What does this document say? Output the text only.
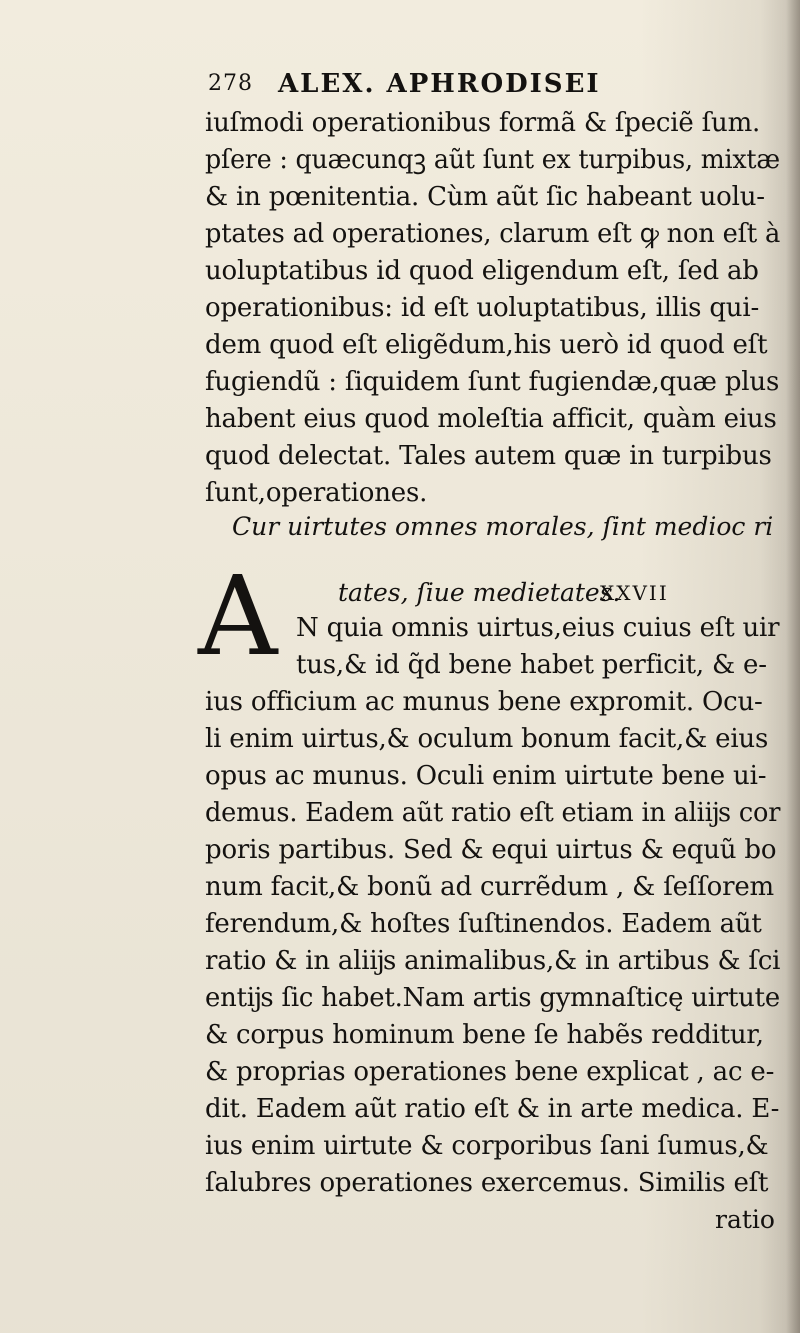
278 ALEX. APHRODISEI
iuſmodi operationibus formã & ſpeciẽ ſum.
pſere : quæcunqꝫ aũt ſunt ex turpibus, mixtæ
& in pœnitentia. Cùm aũt ſic habeant uolu-
ptates ad operationes, clarum eſt ꝙ non eſt à
uoluptatibus id quod eligendum eſt, ſed ab
operationibus: id eſt uoluptatibus, illis qui-
dem quod eſt eligẽdum,his uerò id quod eſt
fugiendũ : ſiquidem ſunt fugiendæ,quæ plus
habent eius quod moleſtia afficit, quàm eius
quod delectat. Tales autem quæ in turpibus
ſunt,operationes.
Cur uirtutes omnes morales, ſint medioc ri
tates, ſiue medietates.
XXVII
A N quia omnis uirtus,eius cuius eſt uir
tus,& id q̃d bene habet perficit, & e-
ius officium ac munus bene expromit. Ocu-
li enim uirtus,& oculum bonum facit,& eius
opus ac munus. Oculi enim uirtute bene ui-
demus. Eadem aũt ratio eſt etiam in aliĳs cor
poris partibus. Sed & equi uirtus & equũ bo
num facit,& bonũ ad currẽdum , & ſeſſorem
ferendum,& hoſtes ſuſtinendos. Eadem aũt
ratio & in aliĳs animalibus,& in artibus & ſci
entĳs ſic habet.Nam artis gymnaſticę uirtute
& corpus hominum bene ſe habẽs redditur,
& proprias operationes bene explicat , ac e-
dit. Eadem aũt ratio eſt & in arte medica. E-
ius enim uirtute & corporibus ſani ſumus,&
ſalubres operationes exercemus. Similis eſt
ratio
